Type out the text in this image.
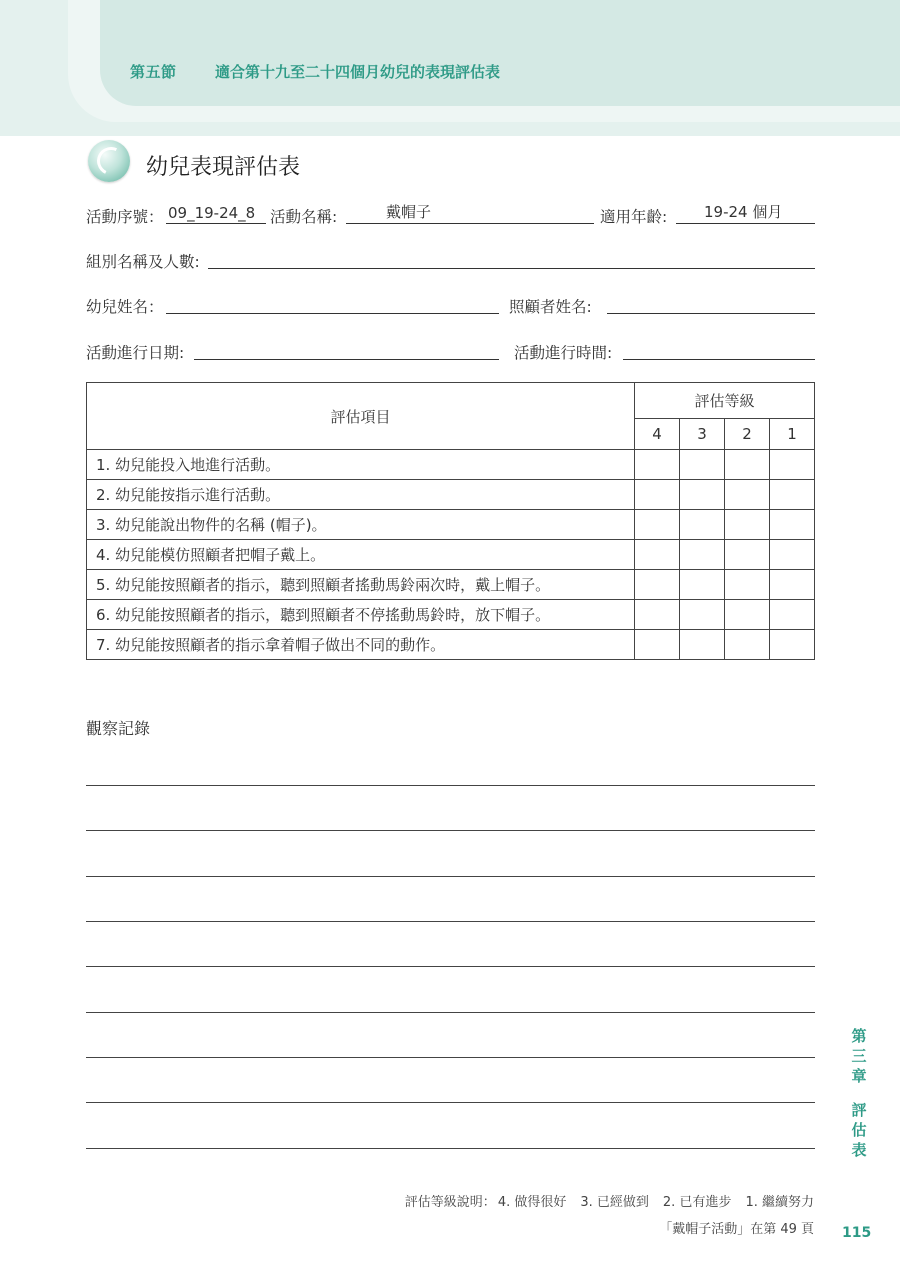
第五節	適合第十九至二十四個月幼兒的表現評估表
幼兒表現評估表
活動序號： 09_19-24_8 活動名稱:	戴帽子	適用年齡: 19-24 個月
組別名稱及人數:
幼兒姓名：	照顧者姓名:
活動進行日期:	活動進行時間:
評估項目	評估等級			
	4	3	2	1
1. 幼兒能投入地進行活動。				
2. 幼兒能按指示進行活動。				
3. 幼兒能說出物件的名稱 (帽子)。				
4. 幼兒能模仿照顧者把帽子戴上。				
5. 幼兒能按照顧者的指示，聽到照顧者搖動馬鈴兩次時，戴上帽子。				
6. 幼兒能按照顧者的指示，聽到照顧者不停搖動馬鈴時，放下帽子。				
7. 幼兒能按照顧者的指示拿着帽子做出不同的動作。				
觀察記錄
第
三
章
評
估
表
評估等級說明： 4. 做得很好 3. 已經做到 2. 已有進步 1. 繼續努力
「戴帽子活動」在第 49 頁 115
